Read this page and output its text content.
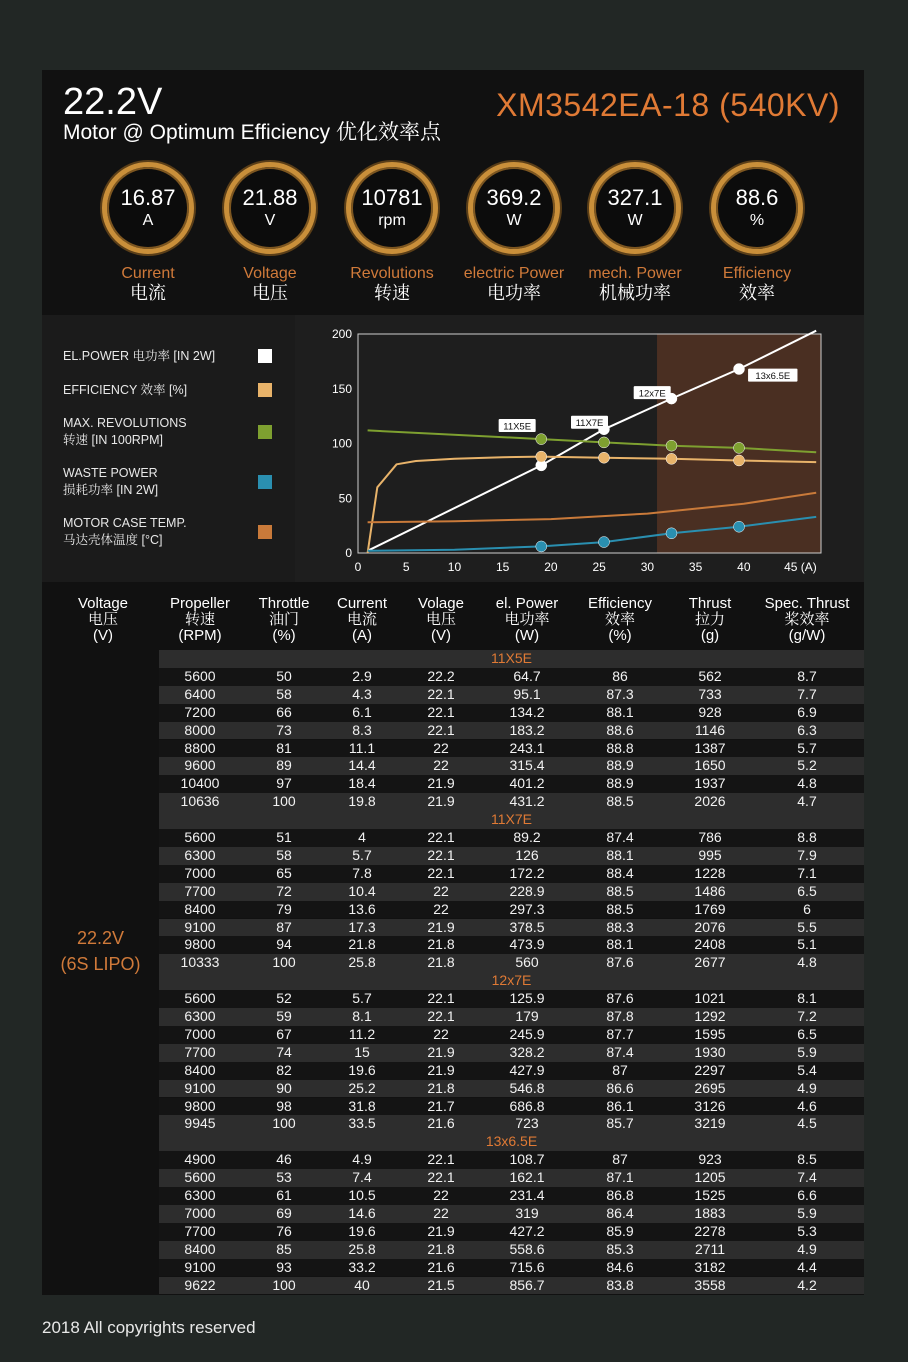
22.2V
Motor @ Optimum Efficiency 优化效率点
XM3542EA-18 (540KV)
16.87
A
Current
电流
21.88
V
Voltage
电压
10781
rpm
Revolutions
转速
369.2
W
electric Power
电功率
327.1
W
mech. Power
机械功率
88.6
%
Efficiency
效率
EL.POWER 电功率 [IN 2W]
EFFICIENCY 效率 [%]
MAX. REVOLUTIONS
转速 [IN 100RPM]
WASTE POWER
损耗功率 [IN 2W]
MOTOR CASE TEMP.
马达壳体温度 [°C]
0
50
100
150
200
0	5	10	15	20	25	30	35	40	45 (A)
11X5E	11X7E
12x7E
13x6.5E
Voltage
电压
(V)
Propeller
转速
(RPM)
Throttle
油门
(%)
Current
电流
(A)
Volage
电压
(V)
el. Power
电功率
(W)
Efficiency
效率
(%)
Thrust
拉力
(g)
Spec. Thrust
桨效率
(g/W)
22.2V
(6S LIPO)
11X5E
5600	50	2.9	22.2	64.7	86	562	8.7
6400	58	4.3	22.1	95.1	87.3	733	7.7
7200	66	6.1	22.1	134.2	88.1	928	6.9
8000	73	8.3	22.1	183.2	88.6	1146	6.3
8800	81	11.1	22	243.1	88.8	1387	5.7
9600	89	14.4	22	315.4	88.9	1650	5.2
10400	97	18.4	21.9	401.2	88.9	1937	4.8
10636	100	19.8	21.9	431.2	88.5	2026	4.7
11X7E
5600	51	4	22.1	89.2	87.4	786	8.8
6300	58	5.7	22.1	126	88.1	995	7.9
7000	65	7.8	22.1	172.2	88.4	1228	7.1
7700	72	10.4	22	228.9	88.5	1486	6.5
8400	79	13.6	22	297.3	88.5	1769	6
9100	87	17.3	21.9	378.5	88.3	2076	5.5
9800	94	21.8	21.8	473.9	88.1	2408	5.1
10333	100	25.8	21.8	560	87.6	2677	4.8
12x7E
5600	52	5.7	22.1	125.9	87.6	1021	8.1
6300	59	8.1	22.1	179	87.8	1292	7.2
7000	67	11.2	22	245.9	87.7	1595	6.5
7700	74	15	21.9	328.2	87.4	1930	5.9
8400	82	19.6	21.9	427.9	87	2297	5.4
9100	90	25.2	21.8	546.8	86.6	2695	4.9
9800	98	31.8	21.7	686.8	86.1	3126	4.6
9945	100	33.5	21.6	723	85.7	3219	4.5
13x6.5E
4900	46	4.9	22.1	108.7	87	923	8.5
5600	53	7.4	22.1	162.1	87.1	1205	7.4
6300	61	10.5	22	231.4	86.8	1525	6.6
7000	69	14.6	22	319	86.4	1883	5.9
7700	76	19.6	21.9	427.2	85.9	2278	5.3
8400	85	25.8	21.8	558.6	85.3	2711	4.9
9100	93	33.2	21.6	715.6	84.6	3182	4.4
9622	100	40	21.5	856.7	83.8	3558	4.2
2018 All copyrights reserved
